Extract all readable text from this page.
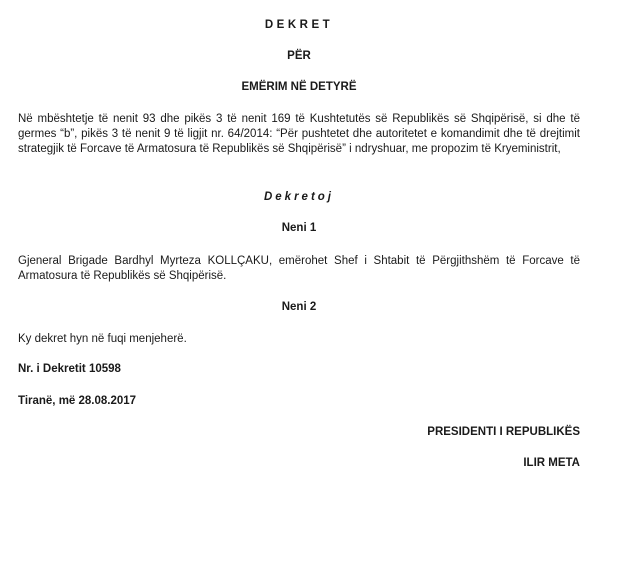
DEKRET
PËR
EMËRIM NË DETYRË
Në mbështetje të nenit 93 dhe pikës 3 të nenit 169 të Kushtetutës së Republikës së Shqipërisë, si dhe të germes “b”, pikës 3 të nenit 9 të ligjit nr. 64/2014: “Për pushtetet dhe autoritetet e komandimit dhe të drejtimit strategjik të Forcave të Armatosura të Republikës së Shqipërisë” i ndryshuar, me propozim të Kryeministrit,
Dekretoj
Neni 1
Gjeneral Brigade Bardhyl Myrteza KOLLÇAKU, emërohet Shef i Shtabit të Përgjithshëm të Forcave të Armatosura të Republikës së Shqipërisë.
Neni 2
Ky dekret hyn në fuqi menjeherë.
Nr. i Dekretit 10598
Tiranë, më 28.08.2017
PRESIDENTI I REPUBLIKËS
ILIR META
